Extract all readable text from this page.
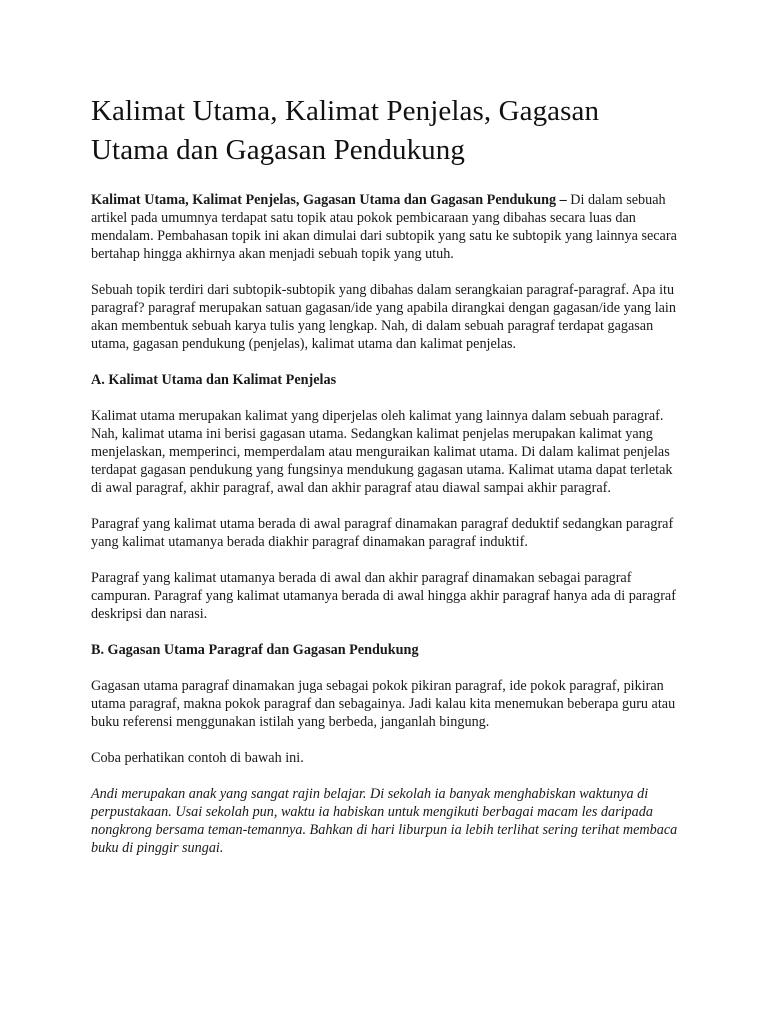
Kalimat Utama, Kalimat Penjelas, Gagasan Utama dan Gagasan Pendukung

Kalimat Utama, Kalimat Penjelas, Gagasan Utama dan Gagasan Pendukung – Di dalam sebuah artikel pada umumnya terdapat satu topik atau pokok pembicaraan yang dibahas secara luas dan mendalam. Pembahasan topik ini akan dimulai dari subtopik yang satu ke subtopik yang lainnya secara bertahap hingga akhirnya akan menjadi sebuah topik yang utuh.

Sebuah topik terdiri dari subtopik-subtopik yang dibahas dalam serangkaian paragraf-paragraf. Apa itu paragraf? paragraf merupakan satuan gagasan/ide yang apabila dirangkai dengan gagasan/ide yang lain akan membentuk sebuah karya tulis yang lengkap. Nah, di dalam sebuah paragraf terdapat gagasan utama, gagasan pendukung (penjelas), kalimat utama dan kalimat penjelas.

A. Kalimat Utama dan Kalimat Penjelas

Kalimat utama merupakan kalimat yang diperjelas oleh kalimat yang lainnya dalam sebuah paragraf. Nah, kalimat utama ini berisi gagasan utama. Sedangkan kalimat penjelas merupakan kalimat yang menjelaskan, memperinci, memperdalam atau menguraikan kalimat utama. Di dalam kalimat penjelas terdapat gagasan pendukung yang fungsinya mendukung gagasan utama. Kalimat utama dapat terletak di awal paragraf, akhir paragraf, awal dan akhir paragraf atau diawal sampai akhir paragraf.

Paragraf yang kalimat utama berada di awal paragraf dinamakan paragraf deduktif sedangkan paragraf yang kalimat utamanya berada diakhir paragraf dinamakan paragraf induktif.

Paragraf yang kalimat utamanya berada di awal dan akhir paragraf dinamakan sebagai paragraf campuran. Paragraf yang kalimat utamanya berada di awal hingga akhir paragraf hanya ada di paragraf deskripsi dan narasi.

B. Gagasan Utama Paragraf dan Gagasan Pendukung

Gagasan utama paragraf dinamakan juga sebagai pokok pikiran paragraf, ide pokok paragraf, pikiran utama paragraf, makna pokok paragraf dan sebagainya. Jadi kalau kita menemukan beberapa guru atau buku referensi menggunakan istilah yang berbeda, janganlah bingung.

Coba perhatikan contoh di bawah ini.

Andi merupakan anak yang sangat rajin belajar. Di sekolah ia banyak menghabiskan waktunya di perpustakaan. Usai sekolah pun, waktu ia habiskan untuk mengikuti berbagai macam les daripada nongkrong bersama teman-temannya. Bahkan di hari liburpun ia lebih terlihat sering terihat membaca buku di pinggir sungai.
